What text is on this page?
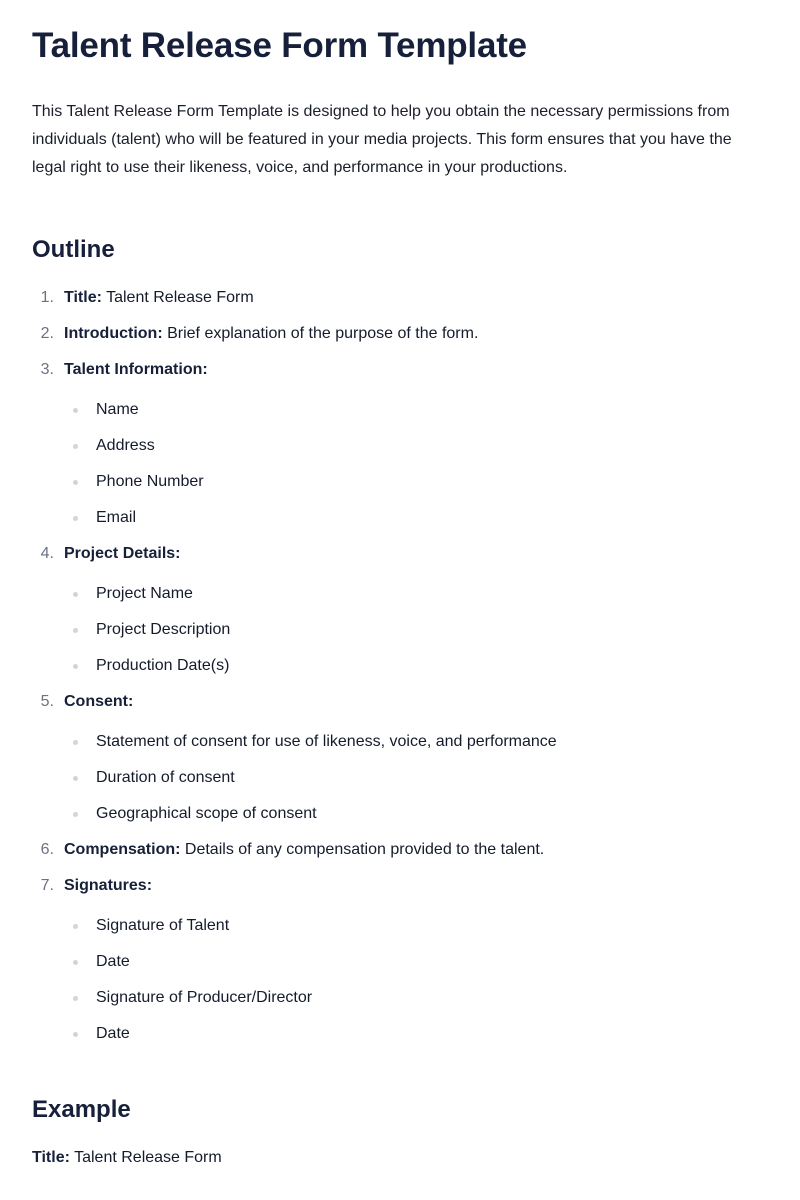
Talent Release Form Template

This Talent Release Form Template is designed to help you obtain the necessary permissions from individuals (talent) who will be featured in your media projects. This form ensures that you have the legal right to use their likeness, voice, and performance in your productions.

Outline
1. Title: Talent Release Form
2. Introduction: Brief explanation of the purpose of the form.
3. Talent Information:
Name
Address
Phone Number
Email
4. Project Details:
Project Name
Project Description
Production Date(s)
5. Consent:
Statement of consent for use of likeness, voice, and performance
Duration of consent
Geographical scope of consent
6. Compensation: Details of any compensation provided to the talent.
7. Signatures:
Signature of Talent
Date
Signature of Producer/Director
Date
Example

Title: Talent Release Form
